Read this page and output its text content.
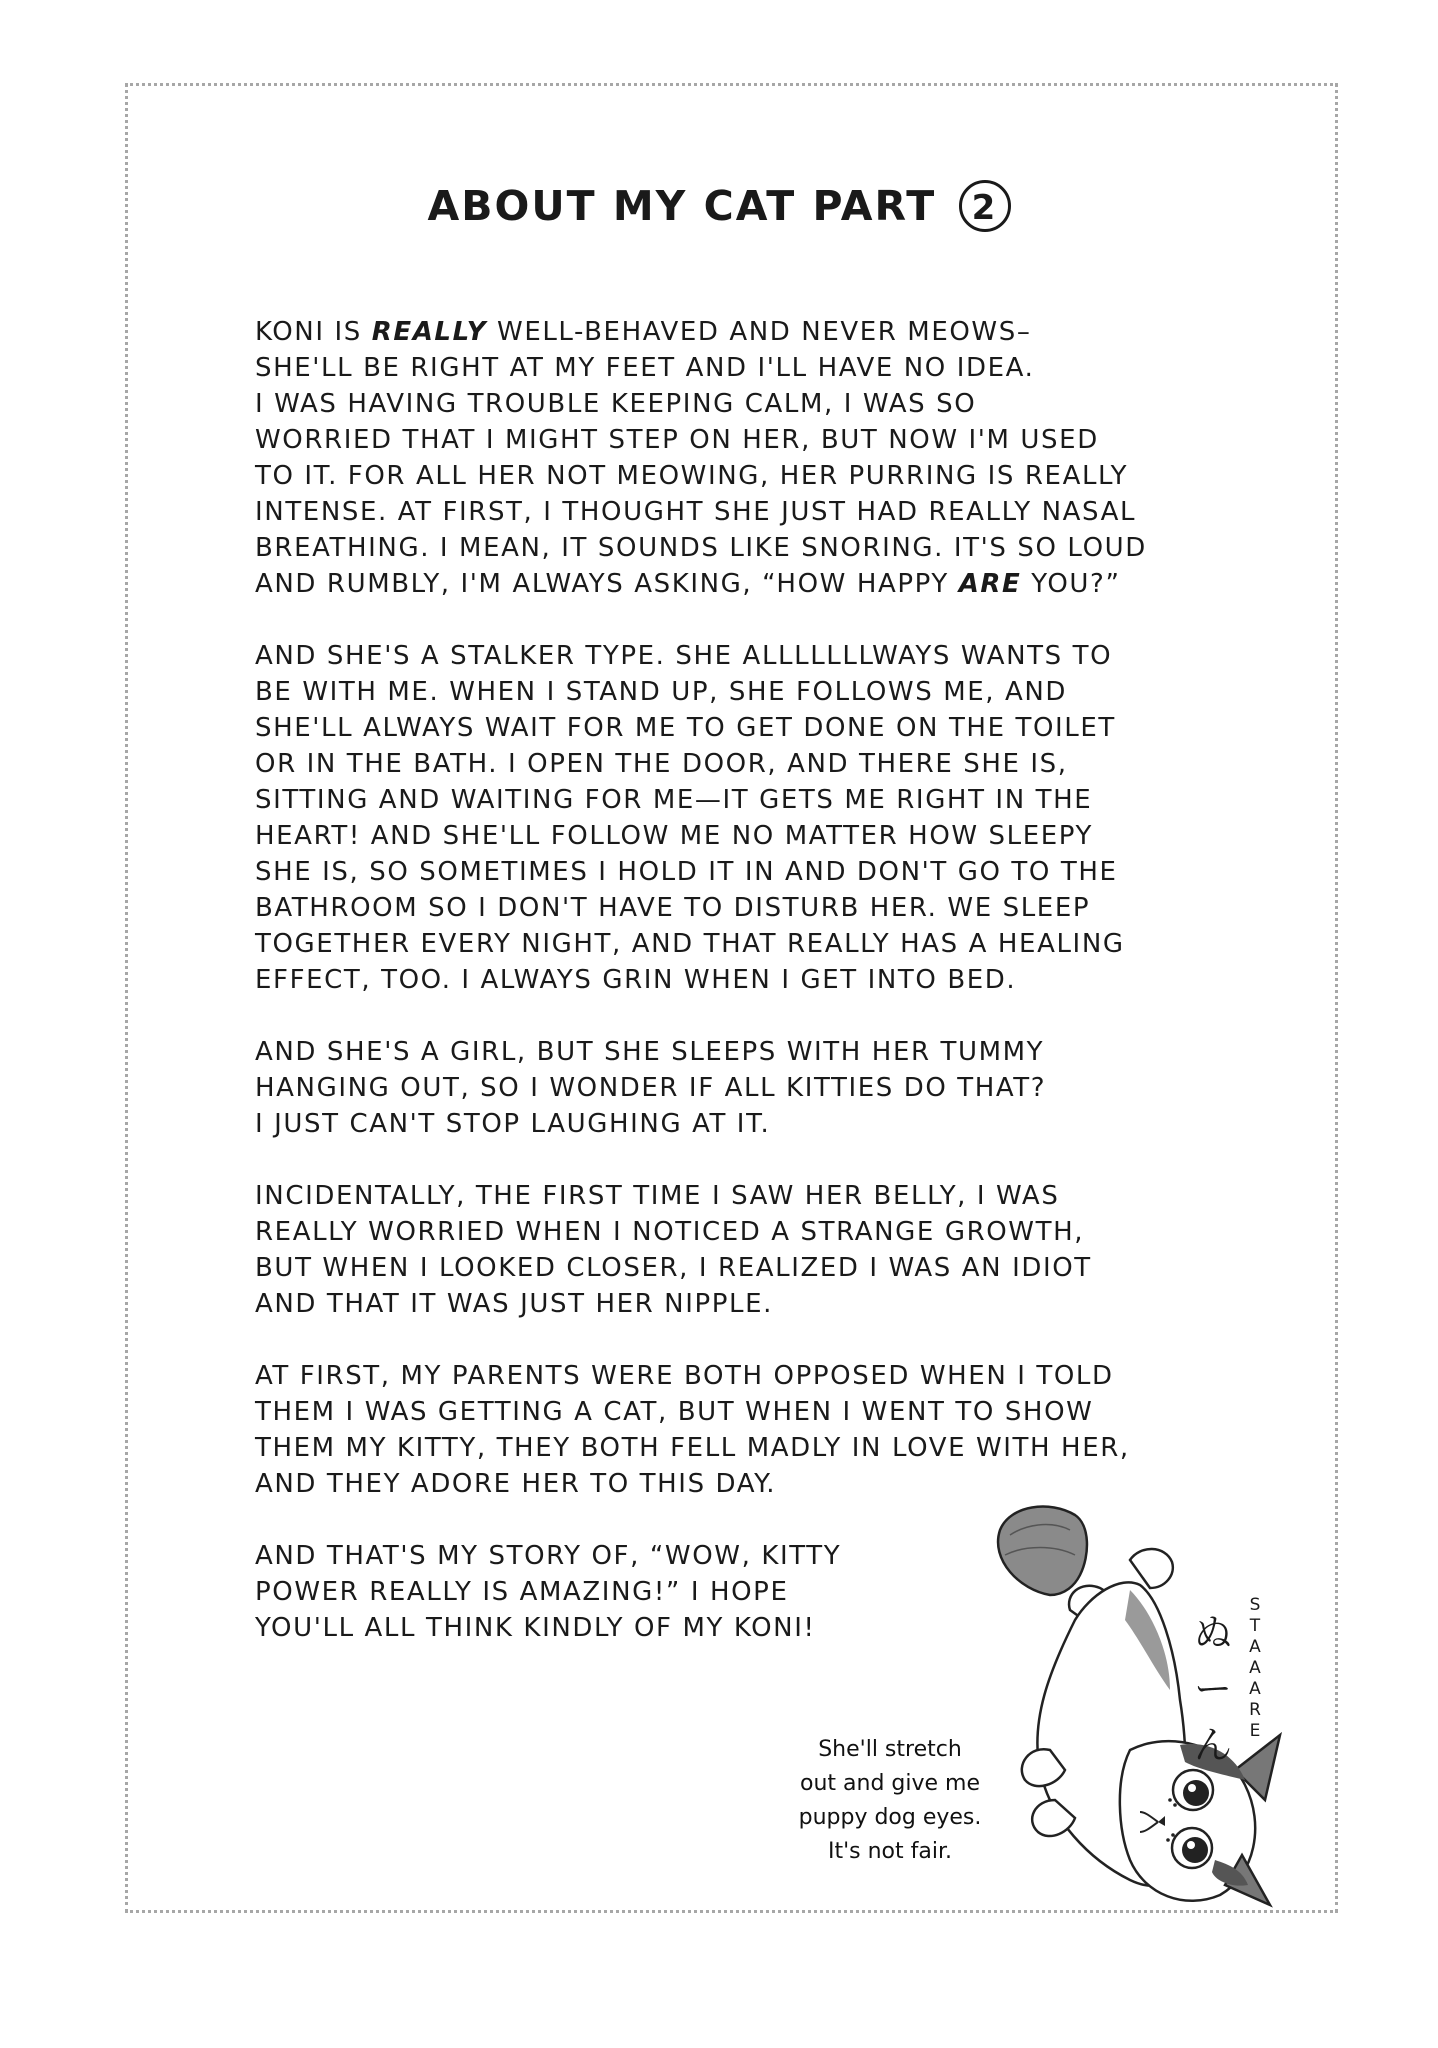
ABOUT MY CAT PART 2
KONI IS REALLY WELL-BEHAVED AND NEVER MEOWS–
SHE'LL BE RIGHT AT MY FEET AND I'LL HAVE NO IDEA.
I WAS HAVING TROUBLE KEEPING CALM, I WAS SO
WORRIED THAT I MIGHT STEP ON HER, BUT NOW I'M USED
TO IT. FOR ALL HER NOT MEOWING, HER PURRING IS REALLY
INTENSE. AT FIRST, I THOUGHT SHE JUST HAD REALLY NASAL
BREATHING. I MEAN, IT SOUNDS LIKE SNORING. IT'S SO LOUD
AND RUMBLY, I'M ALWAYS ASKING, “HOW HAPPY ARE YOU?”
AND SHE'S A STALKER TYPE. SHE ALLLLLLLWAYS WANTS TO
BE WITH ME. WHEN I STAND UP, SHE FOLLOWS ME, AND
SHE'LL ALWAYS WAIT FOR ME TO GET DONE ON THE TOILET
OR IN THE BATH. I OPEN THE DOOR, AND THERE SHE IS,
SITTING AND WAITING FOR ME—IT GETS ME RIGHT IN THE
HEART! AND SHE'LL FOLLOW ME NO MATTER HOW SLEEPY
SHE IS, SO SOMETIMES I HOLD IT IN AND DON'T GO TO THE
BATHROOM SO I DON'T HAVE TO DISTURB HER. WE SLEEP
TOGETHER EVERY NIGHT, AND THAT REALLY HAS A HEALING
EFFECT, TOO. I ALWAYS GRIN WHEN I GET INTO BED.
AND SHE'S A GIRL, BUT SHE SLEEPS WITH HER TUMMY
HANGING OUT, SO I WONDER IF ALL KITTIES DO THAT?
I JUST CAN'T STOP LAUGHING AT IT.
INCIDENTALLY, THE FIRST TIME I SAW HER BELLY, I WAS
REALLY WORRIED WHEN I NOTICED A STRANGE GROWTH,
BUT WHEN I LOOKED CLOSER, I REALIZED I WAS AN IDIOT
AND THAT IT WAS JUST HER NIPPLE.
AT FIRST, MY PARENTS WERE BOTH OPPOSED WHEN I TOLD
THEM I WAS GETTING A CAT, BUT WHEN I WENT TO SHOW
THEM MY KITTY, THEY BOTH FELL MADLY IN LOVE WITH HER,
AND THEY ADORE HER TO THIS DAY.
AND THAT'S MY STORY OF, “WOW, KITTY
POWER REALLY IS AMAZING!” I HOPE
YOU'LL ALL THINK KINDLY OF MY KONI!	ぬ
ー
ん
S
T
A
A
A
R
E
She'll stretch
out and give me
puppy dog eyes.
It's not fair.
